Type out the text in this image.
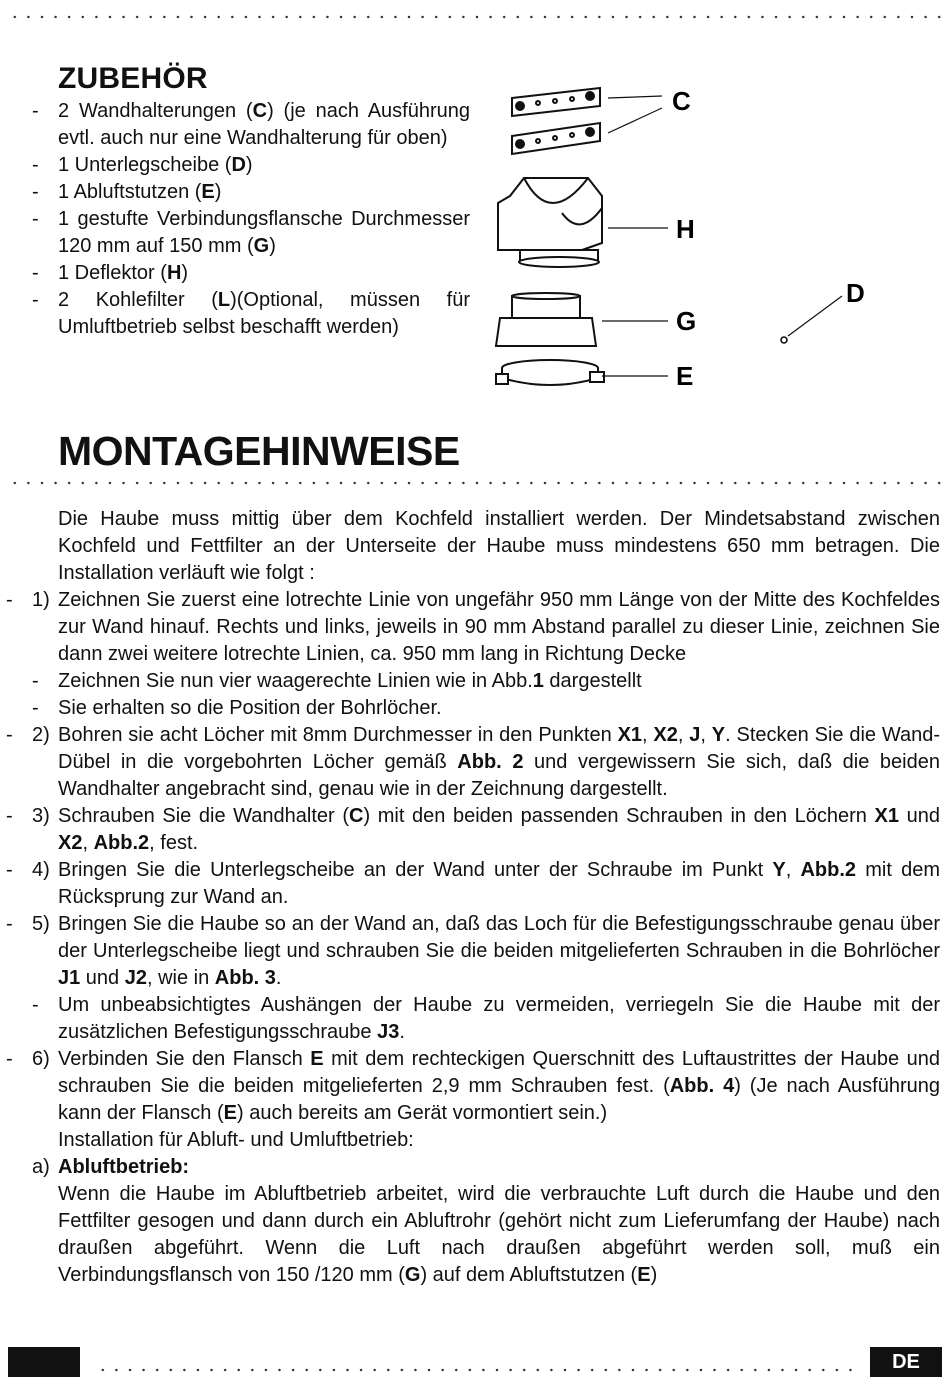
ZUBEHÖR
- 2 Wandhalterungen (C) (je nach Ausführung evtl. auch nur eine Wandhalterung für oben)
- 1 Unterlegscheibe (D)
- 1 Abluftstutzen (E)
- 1 gestufte Verbindungsflansche Durchmesser 120 mm auf 150 mm (G)
- 1 Deflektor (H)
- 2 Kohlefilter (L)(Optional, müssen für Umluftbetrieb selbst beschafft werden)
C
H
G
E
D
MONTAGEHINWEISE
Die Haube muss mittig über dem Kochfeld installiert werden. Der Mindetsabstand zwischen Kochfeld und Fettfilter an der Unterseite der Haube muss mindestens 650 mm betragen. Die Installation verläuft wie folgt :
- 1) Zeichnen Sie zuerst eine lotrechte Linie von ungefähr 950 mm Länge von der Mitte des Kochfeldes zur Wand hinauf. Rechts und links, jeweils in 90 mm Abstand parallel zu dieser Linie, zeichnen Sie dann zwei weitere lotrechte Linien, ca. 950 mm lang in Richtung Decke
- Zeichnen Sie nun vier waagerechte Linien wie in Abb.1 dargestellt
- Sie erhalten so die Position der Bohrlöcher.
- 2) Bohren sie acht Löcher mit 8mm Durchmesser in den Punkten X1, X2, J, Y. Stecken Sie die Wand-Dübel in die vorgebohrten Löcher gemäß Abb. 2 und vergewissern Sie sich, daß die beiden Wandhalter angebracht sind, genau wie in der Zeichnung dargestellt.
- 3) Schrauben Sie die Wandhalter (C) mit den beiden passenden Schrauben in den Löchern X1 und X2, Abb.2, fest.
- 4) Bringen Sie die Unterlegscheibe an der Wand unter der Schraube im Punkt Y, Abb.2 mit dem Rücksprung zur Wand an.
- 5) Bringen Sie die Haube so an der Wand an, daß das Loch für die Befestigungsschraube genau über der Unterlegscheibe liegt und schrauben Sie die beiden mitgelieferten Schrauben in die Bohrlöcher J1 und J2, wie in Abb. 3.
- Um unbeabsichtigtes Aushängen der Haube zu vermeiden, verriegeln Sie die Haube mit der zusätzlichen Befestigungsschraube J3.
- 6) Verbinden Sie den Flansch E mit dem rechteckigen Querschnitt des Luftaustrittes der Haube und schrauben Sie die beiden mitgelieferten 2,9 mm Schrauben fest. (Abb. 4) (Je nach Ausführung kann der Flansch (E) auch bereits am Gerät vormontiert sein.)
Installation für Abluft- und Umluftbetrieb:
a) Abluftbetrieb:
Wenn die Haube im Abluftbetrieb arbeitet, wird die verbrauchte Luft durch die Haube und den Fettfilter gesogen und dann durch ein Abluftrohr (gehört nicht zum Lieferumfang der Haube) nach draußen abgeführt. Wenn die Luft nach draußen abgeführt werden soll, muß ein Verbindungsflansch von 150 /120 mm (G) auf dem Abluftstutzen (E)
DE
